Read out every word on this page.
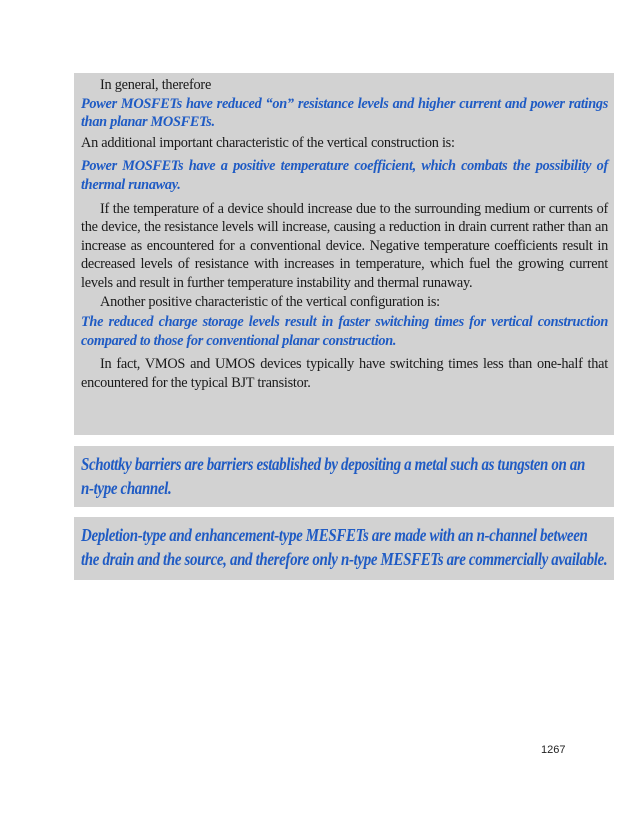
In general, therefore

Power MOSFETs have reduced “on” resistance levels and higher current and power ratings than planar MOSFETs.

An additional important characteristic of the vertical construction is:

Power MOSFETs have a positive temperature coefficient, which combats the possibility of thermal runaway.

If the temperature of a device should increase due to the surrounding medium or currents of the device, the resistance levels will increase, causing a reduction in drain current rather than an increase as encountered for a conventional device. Negative temperature coefficients result in decreased levels of resistance with increases in temperature, which fuel the growing current levels and result in further temperature instability and thermal runaway.

Another positive characteristic of the vertical configuration is:

The reduced charge storage levels result in faster switching times for vertical construction compared to those for conventional planar construction.

In fact, VMOS and UMOS devices typically have switching times less than one-half that encountered for the typical BJT transistor.

Schottky barriers are barriers established by depositing a metal such as tungsten on an

n-type channel.

Depletion-type and enhancement-type MESFETs are made with an n-channel between

the drain and the source, and therefore only n-type MESFETs are commercially available.

1267
